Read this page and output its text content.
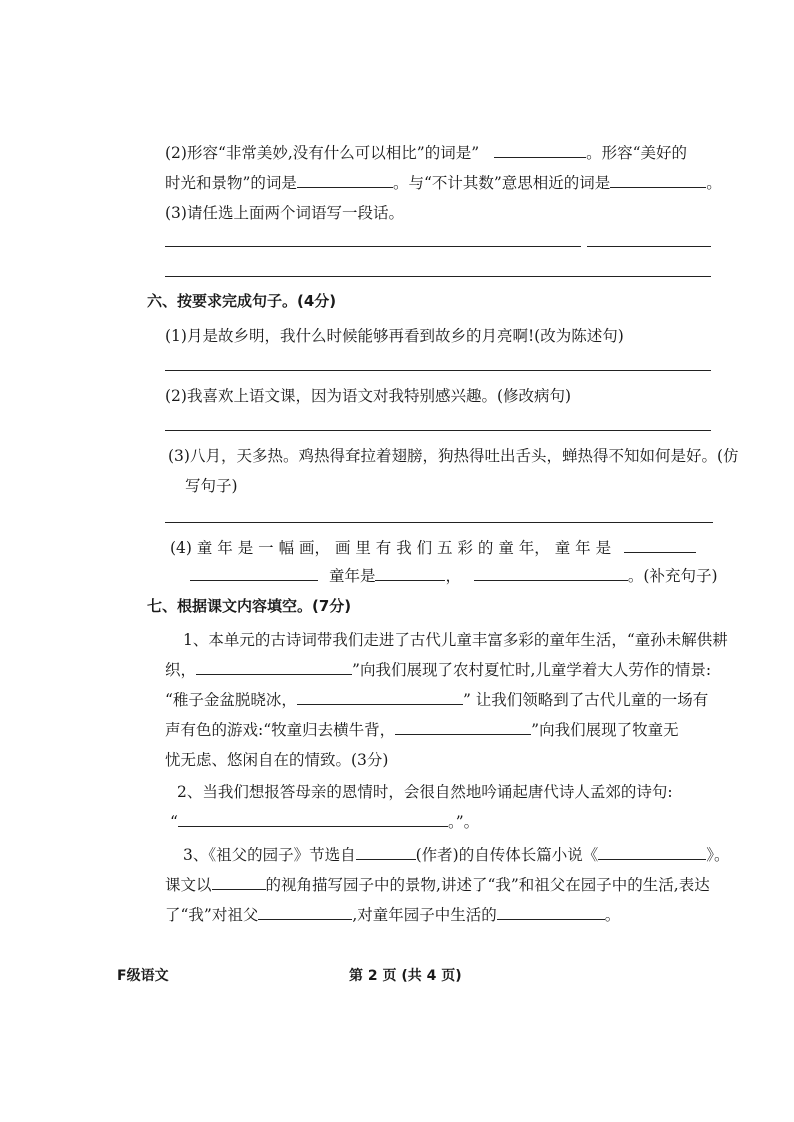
(2)形容“非常美妙,没有什么可以相比”的词是”	。形容“美好的
时光和景物”的词是	。与“不计其数”意思相近的词是	。
(3)请任选上面两个词语写一段话。
六、按要求完成句子。(4分)
(1)月是故乡明，我什么时候能够再看到故乡的月亮啊!(改为陈述句)
(2)我喜欢上语文课，因为语文对我特别感兴趣。(修改病句)
(3)八月，天多热。鸡热得耷拉着翅膀，狗热得吐出舌头，蝉热得不知如何是好。(仿
写句子)
(4) 童 年 是 一 幅 画， 画 里 有 我 们 五 彩 的 童 年， 童 年 是
童年是	，	。(补充句子)
七、根据课文内容填空。(7分)
1、本单元的古诗词带我们走进了古代儿童丰富多彩的童年生活，“童孙未解供耕
织，	”向我们展现了农村夏忙时,儿童学着大人劳作的情景:
“稚子金盆脱晓冰，	” 让我们领略到了古代儿童的一场有
声有色的游戏:“牧童归去横牛背，	”向我们展现了牧童无
忧无虑、悠闲自在的情致。(3分)
2、当我们想报答母亲的恩情时，会很自然地吟诵起唐代诗人孟郊的诗句:
“	。”。
3、《祖父的园子》节选自	(作者)的自传体长篇小说《	》。
课文以	的视角描写园子中的景物,讲述了“我”和祖父在园子中的生活,表达
了“我”对祖父	,对童年园子中生活的	。
F级语文	第 2 页 (共 4 页)
